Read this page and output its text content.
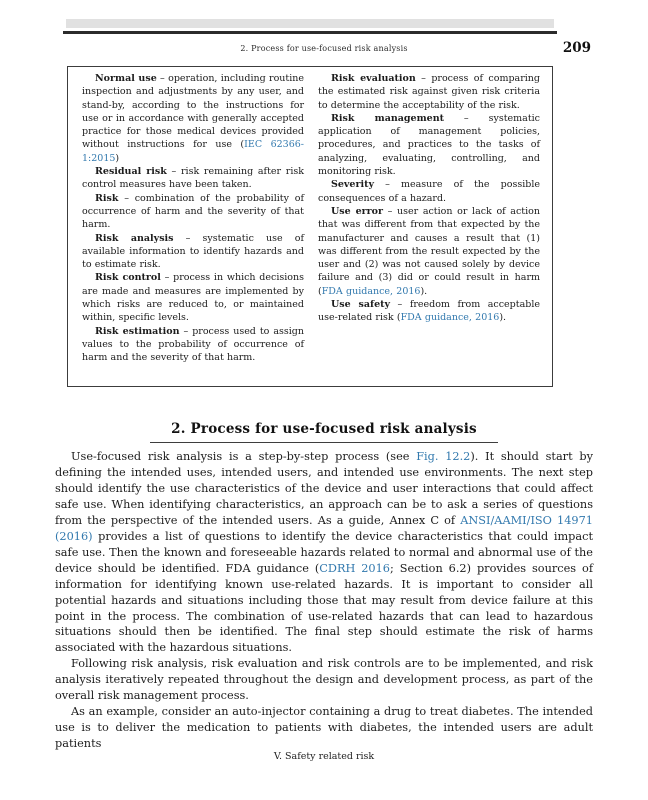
2. Process for use-focused risk analysis	209

Normal use – operation, including routine inspection and adjustments by any user, and stand-by, according to the instructions for use or in accordance with generally accepted practice for those medical devices provided without instructions for use (IEC 62366-1:2015)

Residual risk – risk remaining after risk control measures have been taken.

Risk – combination of the probability of occurrence of harm and the severity of that harm.

Risk analysis – systematic use of available information to identify hazards and to estimate risk.

Risk control – process in which decisions are made and measures are implemented by which risks are reduced to, or maintained within, specific levels.

Risk estimation – process used to assign values to the probability of occurrence of harm and the severity of that harm.

Risk evaluation – process of comparing the estimated risk against given risk criteria to determine the acceptability of the risk.

Risk management – systematic application of management policies, procedures, and practices to the tasks of analyzing, evaluating, controlling, and monitoring risk.

Severity – measure of the possible consequences of a hazard.

Use error – user action or lack of action that was different from that expected by the manufacturer and causes a result that (1) was different from the result expected by the user and (2) was not caused solely by device failure and (3) did or could result in harm (FDA guidance, 2016).

Use safety – freedom from acceptable use-related risk (FDA guidance, 2016).

2. Process for use-focused risk analysis

Use-focused risk analysis is a step-by-step process (see Fig. 12.2). It should start by defining the intended uses, intended users, and intended use environments. The next step should identify the use characteristics of the device and user interactions that could affect safe use. When identifying characteristics, an approach can be to ask a series of questions from the perspective of the intended users. As a guide, Annex C of ANSI/AAMI/ISO 14971 (2016) provides a list of questions to identify the device characteristics that could impact safe use. Then the known and foreseeable hazards related to normal and abnormal use of the device should be identified. FDA guidance (CDRH 2016; Section 6.2) provides sources of information for identifying known use-related hazards. It is important to consider all potential hazards and situations including those that may result from device failure at this point in the process. The combination of use-related hazards that can lead to hazardous situations should then be identified. The final step should estimate the risk of harms associated with the hazardous situations.

Following risk analysis, risk evaluation and risk controls are to be implemented, and risk analysis iteratively repeated throughout the design and development process, as part of the overall risk management process.

As an example, consider an auto-injector containing a drug to treat diabetes. The intended use is to deliver the medication to patients with diabetes, the intended users are adult patients

V. Safety related risk
